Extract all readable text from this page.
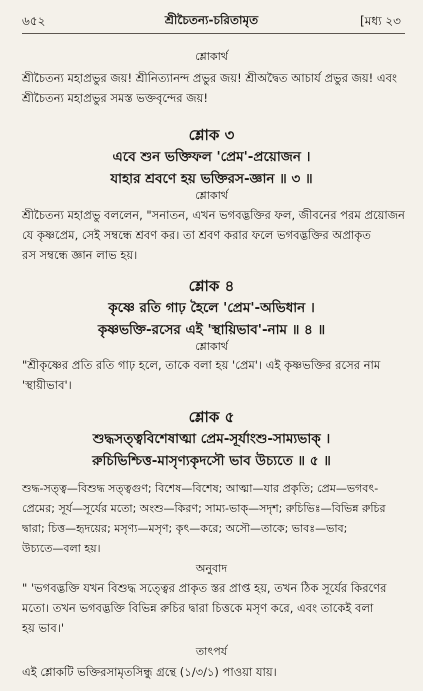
৬৫২	শ্রীচৈতন্য-চরিতামৃত	[মধ্য ২৩
শ্লোকার্থ
শ্রীচৈতন্য মহাপ্রভুর জয়! শ্রীনিত্যানন্দ প্রভুর জয়! শ্রীঅদ্বৈত আচার্য প্রভুর জয়! এবং
শ্রীচৈতন্য মহাপ্রভুর সমস্ত ভক্তবৃন্দের জয়!
শ্লোক ৩
এবে শুন ভক্তিফল 'প্রেম'-প্রয়োজন ।
যাহার শ্রবণে হয় ভক্তিরস-জ্ঞান ॥ ৩ ॥
শ্লোকার্থ
শ্রীচৈতন্য মহাপ্রভু বললেন, "সনাতন, এখন ভগবদ্ভক্তির ফল, জীবনের পরম প্রয়োজন
যে কৃষ্ণপ্রেম, সেই সম্বন্ধে শ্রবণ কর। তা শ্রবণ করার ফলে ভগবদ্ভক্তির অপ্রাকৃত
রস সম্বন্ধে জ্ঞান লাভ হয়।
শ্লোক ৪
কৃষ্ণে রতি গাঢ় হৈলে 'প্রেম'-অভিধান ।
কৃষ্ণভক্তি-রসের এই 'স্থায়িভাব'-নাম ॥ ৪ ॥
শ্লোকার্থ
"শ্রীকৃষ্ণের প্রতি রতি গাঢ় হলে, তাকে বলা হয় 'প্রেম'। এই কৃষ্ণভক্তির রসের নাম
'স্থায়ীভাব'।
শ্লোক ৫
শুদ্ধসত্ত্ববিশেষাত্মা প্রেম-সূর্যাংশু-সাম্যভাক্ ।
রুচিভিশ্চিত্ত-মাসৃণ্যকৃদসৌ ভাব উচ্যতে ॥ ৫ ॥
শুদ্ধ-সত্ত্ব—বিশুদ্ধ সত্ত্বগুণ; বিশেষ—বিশেষ; আত্মা—যার প্রকৃতি; প্রেম—ভগবৎ-
প্রেমের; সূর্য—সূর্যের মতো; অংশু—কিরণ; সাম্য-ভাক্—সদৃশ; রুচিভিঃ—বিভিন্ন রুচির
দ্বারা; চিত্ত—হৃদয়ের; মসৃণ্য—মসৃণ; কৃৎ—করে; অসৌ—তাকে; ভাবঃ—ভাব;
উচ্যতে—বলা হয়।
অনুবাদ
" 'ভগবদ্ভক্তি যখন বিশুদ্ধ সত্ত্বের প্রাকৃত স্তর প্রাপ্ত হয়, তখন ঠিক সূর্যের কিরণের
মতো। তখন ভগবদ্ভক্তি বিভিন্ন রুচির দ্বারা চিত্তকে মসৃণ করে, এবং তাকেই বলা
হয় ভাব।'
তাৎপর্য
এই শ্লোকটি ভক্তিরসামৃতসিন্ধু গ্রন্থে (১/৩/১) পাওয়া যায়।
